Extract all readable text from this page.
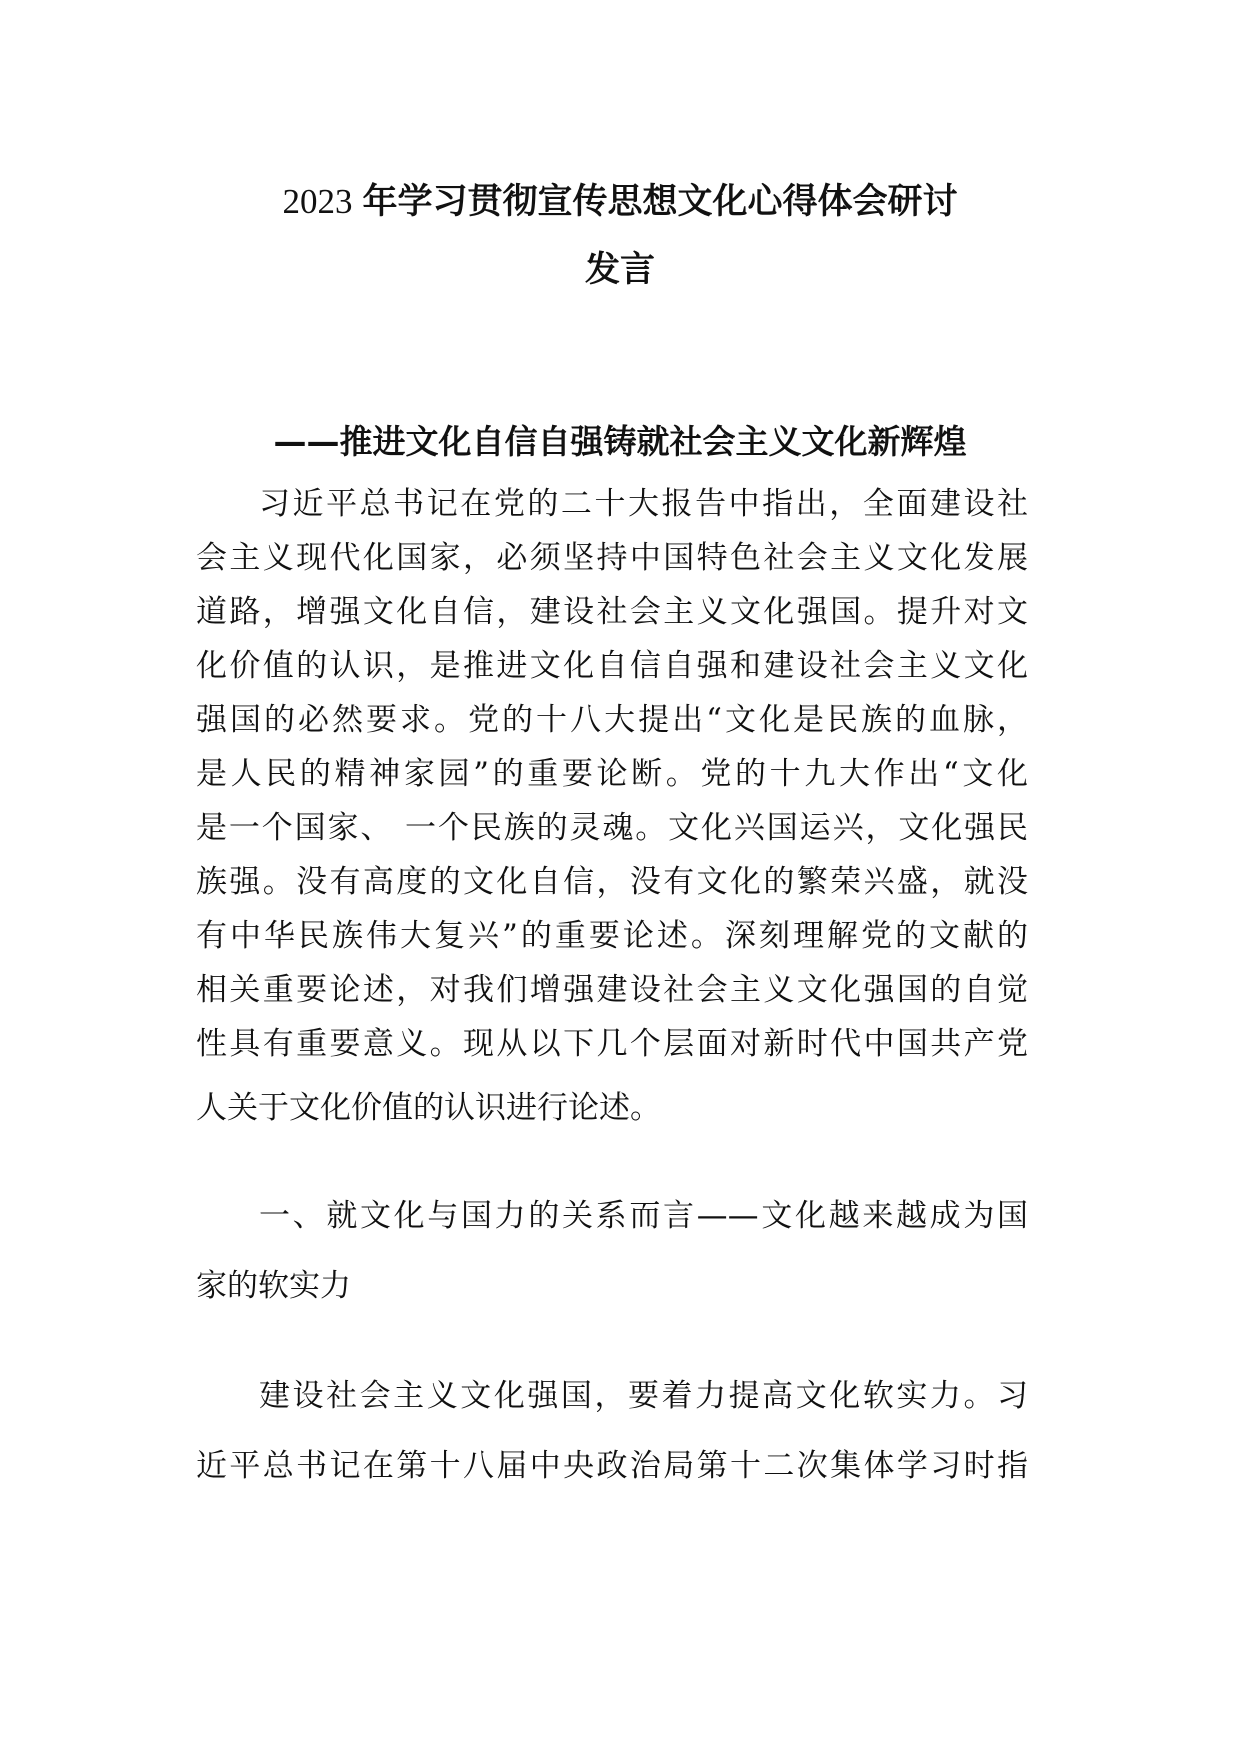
2023 年学习贯彻宣传思想文化心得体会研讨
发言
——推进文化自信自强铸就社会主义文化新辉煌
习近平总书记在党的二十大报告中指出，全面建设社
会主义现代化国家，必须坚持中国特色社会主义文化发展
道路，增强文化自信，建设社会主义文化强国。提升对文
化价值的认识，是推进文化自信自强和建设社会主义文化
强国的必然要求。党的十八大提出“文化是民族的血脉，
是人民的精神家园”的重要论断。党的十九大作出“文化
是一个国家、 一个民族的灵魂。文化兴国运兴，文化强民
族强。没有高度的文化自信，没有文化的繁荣兴盛，就没
有中华民族伟大复兴”的重要论述。深刻理解党的文献的
相关重要论述，对我们增强建设社会主义文化强国的自觉
性具有重要意义。现从以下几个层面对新时代中国共产党
人关于文化价值的认识进行论述。
一、就文化与国力的关系而言——文化越来越成为国
家的软实力
建设社会主义文化强国，要着力提高文化软实力。习
近平总书记在第十八届中央政治局第十二次集体学习时指
